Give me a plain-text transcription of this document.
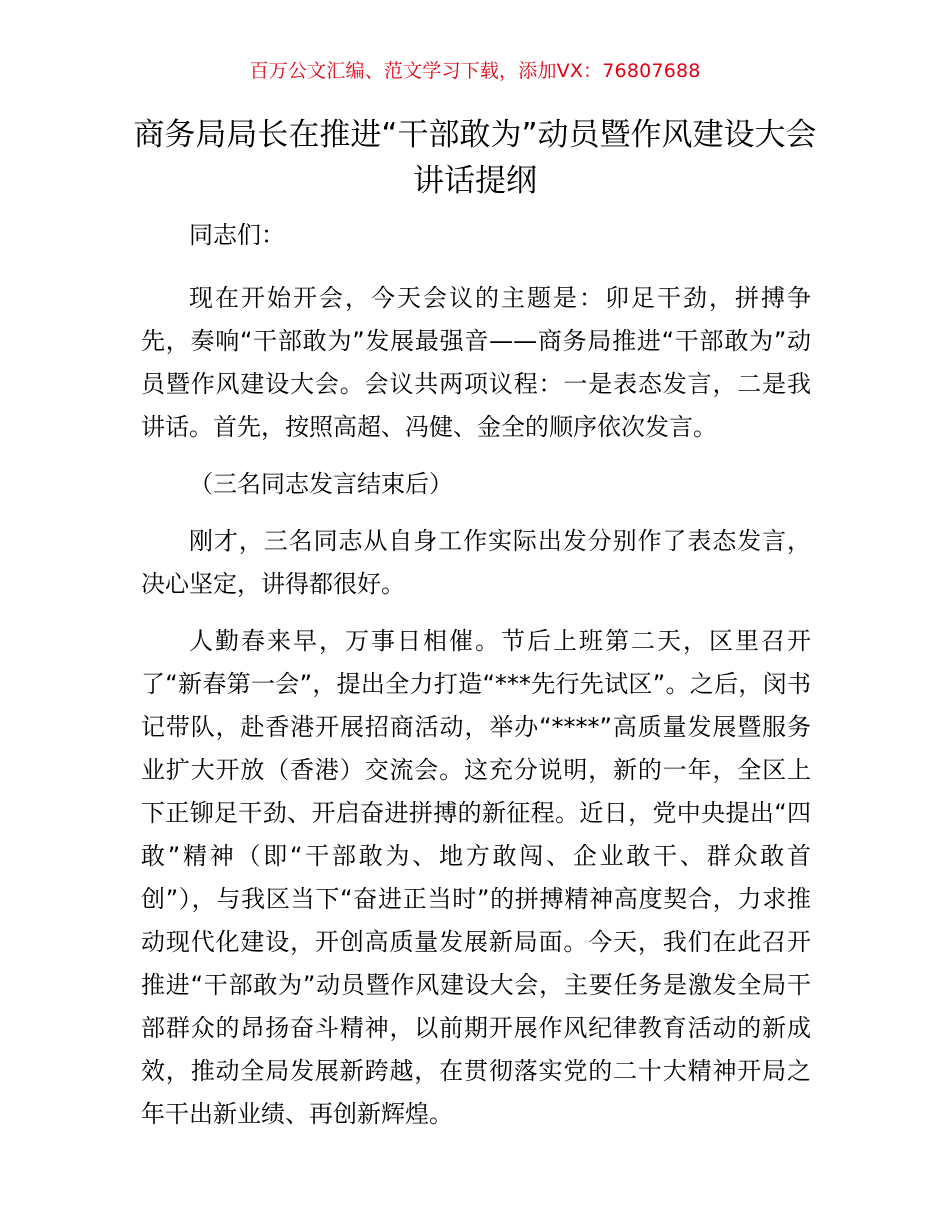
百万公文汇编、范文学习下载，添加VX：76807688
商务局局长在推进“干部敢为”动员暨作风建设大会讲话提纲

同志们：

现在开始开会，今天会议的主题是：卯足干劲，拼搏争先，奏响“干部敢为”发展最强音——商务局推进“干部敢为”动员暨作风建设大会。会议共两项议程：一是表态发言，二是我讲话。首先，按照高超、冯健、金全的顺序依次发言。

（三名同志发言结束后）

刚才，三名同志从自身工作实际出发分别作了表态发言，决心坚定，讲得都很好。

人勤春来早，万事日相催。节后上班第二天，区里召开了“新春第一会”，提出全力打造“***先行先试区”。之后，闵书记带队，赴香港开展招商活动，举办“****”高质量发展暨服务业扩大开放（香港）交流会。这充分说明，新的一年，全区上下正铆足干劲、开启奋进拼搏的新征程。近日，党中央提出“四敢”精神（即“干部敢为、地方敢闯、企业敢干、群众敢首创”），与我区当下“奋进正当时”的拼搏精神高度契合，力求推动现代化建设，开创高质量发展新局面。今天，我们在此召开推进“干部敢为”动员暨作风建设大会，主要任务是激发全局干部群众的昂扬奋斗精神，以前期开展作风纪律教育活动的新成效，推动全局发展新跨越，在贯彻落实党的二十大精神开局之年干出新业绩、再创新辉煌。
